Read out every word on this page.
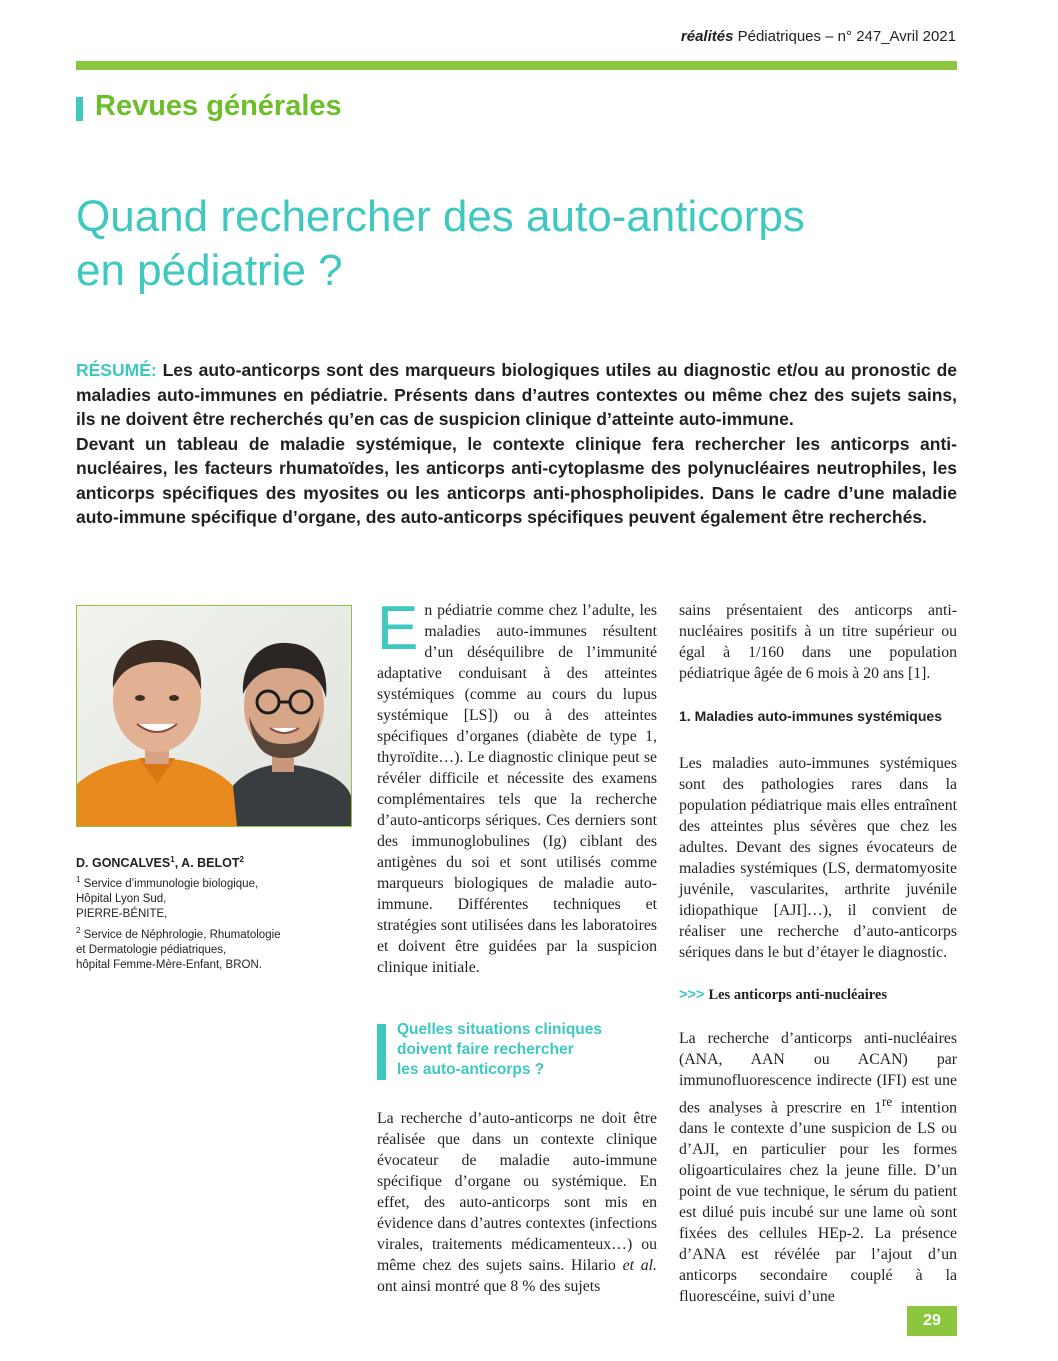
réalités Pédiatriques – n° 247_Avril 2021
Revues générales
Quand rechercher des auto-anticorps
en pédiatrie ?

RÉSUMÉ: Les auto-anticorps sont des marqueurs biologiques utiles au diagnostic et/ou au pronostic de maladies auto-immunes en pédiatrie. Présents dans d’autres contextes ou même chez des sujets sains, ils ne doivent être recherchés qu’en cas de suspicion clinique d’atteinte auto-immune.

Devant un tableau de maladie systémique, le contexte clinique fera rechercher les anticorps anti-nucléaires, les facteurs rhumatoïdes, les anticorps anti-cytoplasme des polynucléaires neutrophiles, les anticorps spécifiques des myosites ou les anticorps anti-phospholipides. Dans le cadre d’une maladie auto-immune spécifique d’organe, des auto-anticorps spécifiques peuvent également être recherchés.

D. GONCALVES$^1$, A. BELOT$^2$
$^1$ Service d’immunologie biologique,
Hôpital Lyon Sud,
PIERRE-BÉNITE,
$^2$ Service de Néphrologie, Rhumatologie
et Dermatologie pédiatriques,
hôpital Femme-Mère-Enfant, BRON.

En pédiatrie comme chez l’adulte, les maladies auto-immunes résultent d’un déséquilibre de l’immunité adaptative conduisant à des atteintes systémiques (comme au cours du lupus systémique [LS]) ou à des atteintes spécifiques d’organes (diabète de type 1, thyroïdite…). Le diagnostic clinique peut se révéler difficile et nécessite des examens complémentaires tels que la recherche d’auto-anticorps sériques. Ces derniers sont des immunoglobulines (Ig) ciblant des antigènes du soi et sont utilisés comme marqueurs biologiques de maladie auto-immune. Différentes techniques et stratégies sont utilisées dans les laboratoires et doivent être guidées par la suspicion clinique initiale.

Quelles situations cliniques
doivent faire rechercher
les auto-anticorps ?

La recherche d’auto-anticorps ne doit être réalisée que dans un contexte clinique évocateur de maladie auto-immune spécifique d’organe ou systémique. En effet, des auto-anticorps sont mis en évidence dans d’autres contextes (infections virales, traitements médicamenteux…) ou même chez des sujets sains. Hilario et al. ont ainsi montré que 8 % des sujets

sains présentaient des anticorps anti-nucléaires positifs à un titre supérieur ou égal à 1/160 dans une population pédiatrique âgée de 6 mois à 20 ans [1].

1. Maladies auto-immunes systémiques

Les maladies auto-immunes systémiques sont des pathologies rares dans la population pédiatrique mais elles entraînent des atteintes plus sévères que chez les adultes. Devant des signes évocateurs de maladies systémiques (LS, dermatomyosite juvénile, vascularites, arthrite juvénile idiopathique [AJI]…), il convient de réaliser une recherche d’auto-anticorps sériques dans le but d’étayer le diagnostic.

>>> Les anticorps anti-nucléaires

La recherche d’anticorps anti-nucléaires (ANA, AAN ou ACAN) par immunofluorescence indirecte (IFI) est une des analyses à prescrire en 1re intention dans le contexte d’une suspicion de LS ou d’AJI, en particulier pour les formes oligoarticulaires chez la jeune fille. D’un point de vue technique, le sérum du patient est dilué puis incubé sur une lame où sont fixées des cellules HEp-2. La présence d’ANA est révélée par l’ajout d’un anticorps secondaire couplé à la fluorescéine, suivi d’une

29
